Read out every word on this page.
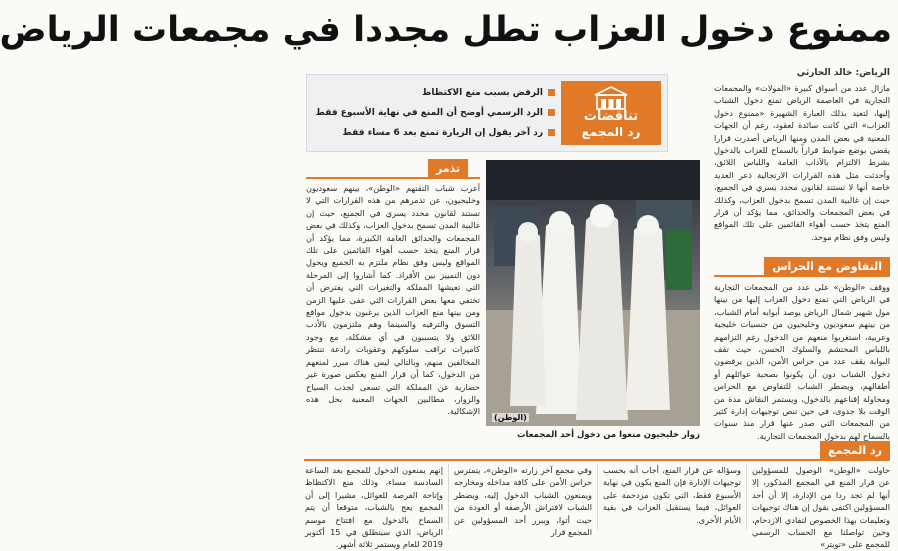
ممنوع دخول العزاب تطل مجددا في مجمعات الرياض
الرياض: خالد الحارثي

مازال عدد من أسواق كبيرة «المولات» والمجمعات التجارية في العاصمة الرياض تمنع دخول الشباب إليها، لتعيد بذلك العبارة الشهيرة «ممنوع دخول العزاب» التي كانت سائدة لعقود، رغم أن الجهات المعنية في بعض المدن ومنها الرياض أصدرت قرارا يقضي بوضع ضوابط قراراً بالسماح للعزاب بالدخول بشرط الالتزام بالآداب العامة واللباس اللائق، وأحدثت مثل هذه القرارات الارتجالية ذعر العديد خاصة أنها لا تستند لقانون محدد يسري في الجميع، حيث إن غالبية المدن تسمح بدخول العزاب، وكذلك في بعض المجمعات والحدائق، مما يؤكد أن قرار المنع يتخذ حسب أهواء القائمين على تلك المواقع وليس وفق نظام موحد.

تناقضات
رد المجمع
الرفض بسبب منع الاكتظاظ
الرد الرسمي أوضح أن المنع في نهاية الأسبوع فقط
رد آخر يقول إن الزيارة تمنع بعد 6 مساء فقط
التفاوض مع الحراس

ووقف «الوطن» على عدد من المجمعات التجارية في الرياض التي تمنع دخول العزاب إليها من بينها مول شهير شمال الرياض يوصد أبوابه أمام الشباب، من بينهم سعوديون وخليجيون من جنسيات خليجية وعربية، استغربوا منعهم من الدخول رغم التزامهم باللباس المحتشم والسلوك الحسن، حيث تقف البوابة يقف عدد من حراس الأمن، الذين يرفضون دخول الشباب دون أن يكونوا بصحبة عوائلهم أو أطفالهم، ويضطر الشباب للتفاوض مع الحراس ومحاولة إقناعهم بالدخول، ويستمر النقاش مدة من الوقت بلا جدوى، في حين تنص توجيهات إدارة كثير من المجمعات التي صدر عنها قرار منذ سنوات بالسماح لهم بدخول المجمعات التجارية.

تذمر

أعرب شباب التقتهم «الوطن»، بينهم سعوديون وخليجيون، عن تذمرهم من هذه القرارات التي لا تستند لقانون محدد يسري في الجميع، حيث إن غالبية المدن تسمح بدخول العزاب، وكذلك في بعض المجمعات والحدائق العامة الكبيرة، مما يؤكد أن قرار المنع يتخذ حسب أهواء القائمين على تلك المواقع وليس وفق نظام ملتزم به الجميع ويحول دون التمييز بين الأفراد. كما أشاروا إلى المرحلة التي تعيشها المملكة والتغيرات التي يفترض أن تختفي معها بعض القرارات التي عفى عليها الزمن ومن بينها منع العزاب الذين يرغبون بدخول مواقع التسوق والترفيه والسينما وهم ملتزمون بالأدب اللائق ولا يتسببون في أي مشكلة، مع وجود كاميرات تراقب سلوكهم وعقوبات رادعة تنتظر المخالفين منهم، وبالتالي ليس هناك مبرر لمنعهم من الدخول، كما أن قرار المنع يعكس صورة غير حضارية عن المملكة التي تسعى لجذب السياح والزوار، مطالبين الجهات المعنية بحل هذه الإشكالية.

(الوطن)
زوار خليجيون منعوا من دخول أحد المجمعات
رد المجمع

حاولت «الوطن» الوصول للمسؤولين عن قرار المنع في المجمع المذكور، إلا أنها لم تجد ردا من الإدارة، إلا أن أحد المسؤولين اكتفى بقول إن هناك توجيهات وتعليمات بهذا الخصوص لتفادي الازدحام، وحين تواصلنا مع الحساب الرسمي للمجمع على «تويتر»

وسؤاله عن قرار المنع، أجاب أنه بحسب توجيهات الإدارة فإن المنع يكون في نهاية الأسبوع فقط، التي تكون مزدحمة على العوائل، فيما يستقبل العزاب في بقية الأيام الأخرى.

وفي مجمع آخر زارته «الوطن»، يتمترس حراس الأمن على كافة مداخله ومخارجه ويمنعون الشباب الدخول إليه، ويضطر الشباب لافتراش الأرصفة أو العودة من حيث أتوا، ويبرر أحد المسؤولين عن المجمع قرار

إنهم يمنعون الدخول للمجمع بعد الساعة السادسة مساء، وذلك منع الاكتظاظ وإتاحة الفرصة للعوائل، مشيرا إلى أن المجمع يعج بالشباب، متوقعا أن يتم السماح بالدخول مع افتتاح موسم الرياض، الذي سينطلق في 15 أكتوبر 2019 للعام ويستمر ثلاثة أشهر.
